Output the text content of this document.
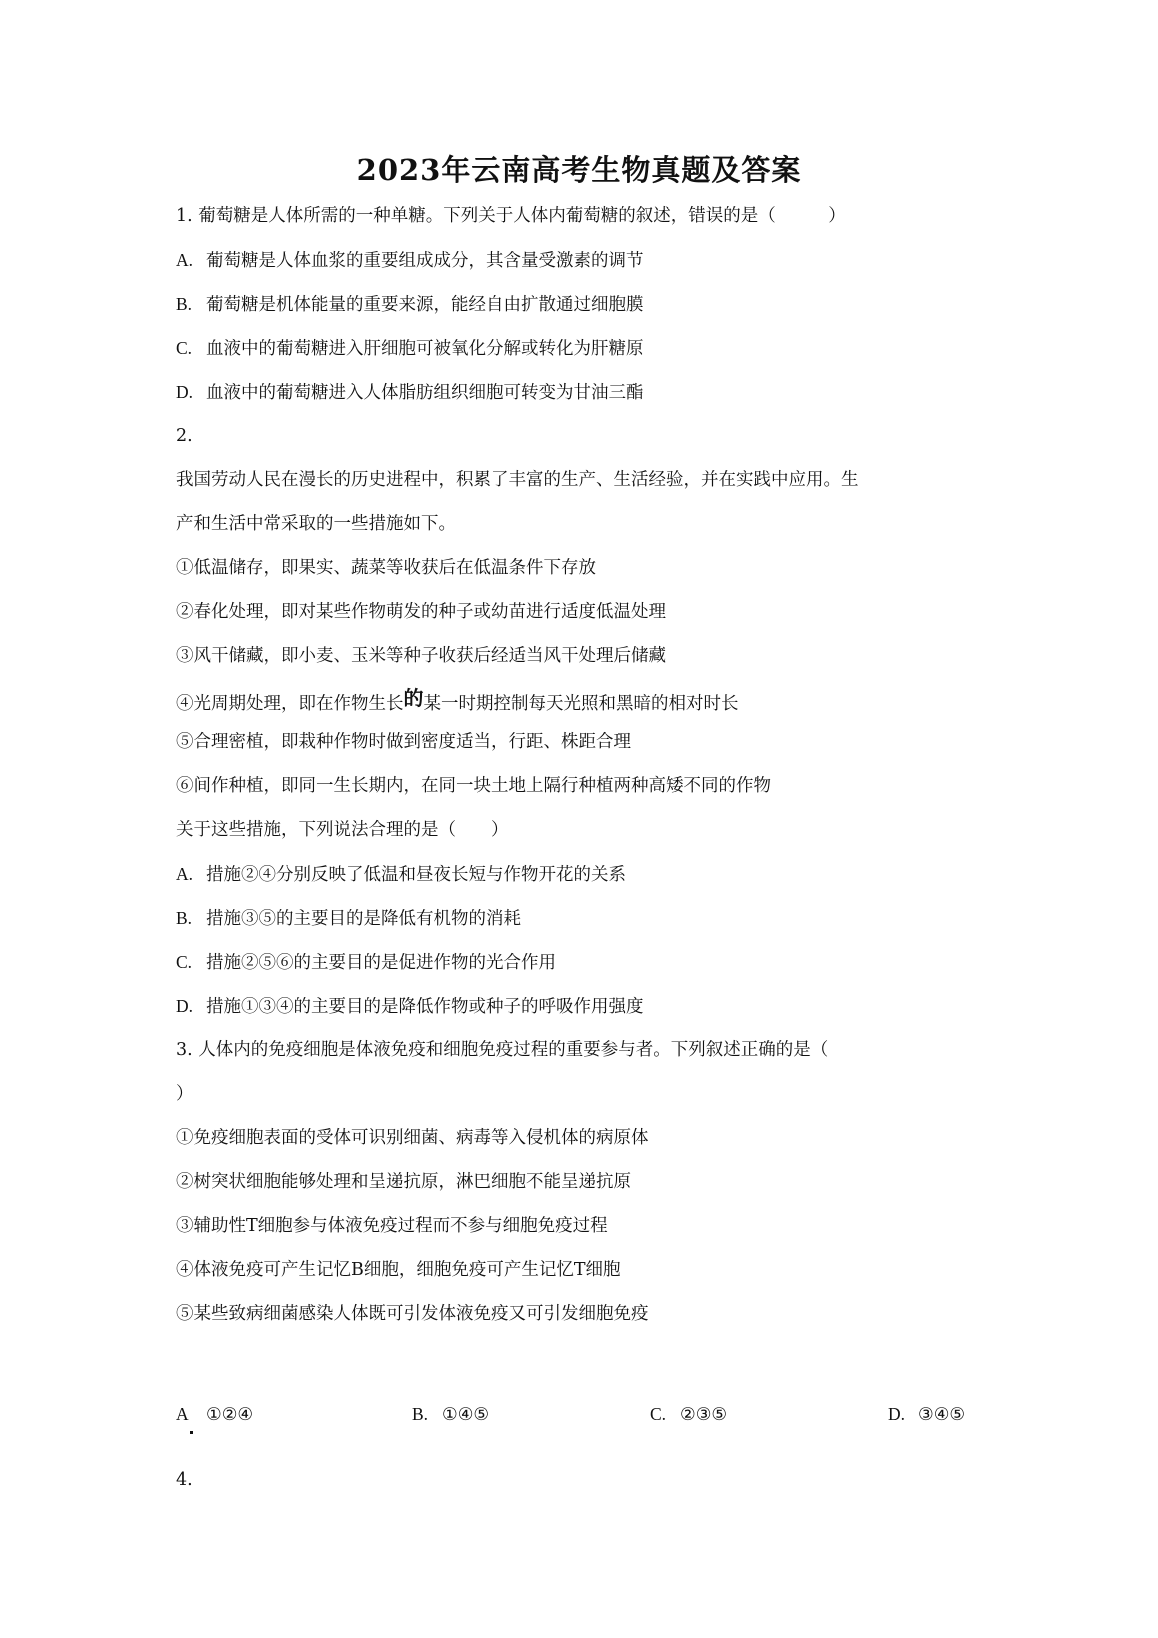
2023年云南高考生物真题及答案
1. 葡萄糖是人体所需的一种单糖。下列关于人体内葡萄糖的叙述，错误的是（　　　）
A. 葡萄糖是人体血浆的重要组成成分，其含量受激素的调节
B. 葡萄糖是机体能量的重要来源，能经自由扩散通过细胞膜
C. 血液中的葡萄糖进入肝细胞可被氧化分解或转化为肝糖原
D. 血液中的葡萄糖进入人体脂肪组织细胞可转变为甘油三酯
2.
我国劳动人民在漫长的历史进程中，积累了丰富的生产、生活经验，并在实践中应用。生
产和生活中常采取的一些措施如下。
①低温储存，即果实、蔬菜等收获后在低温条件下存放
②春化处理，即对某些作物萌发的种子或幼苗进行适度低温处理
③风干储藏，即小麦、玉米等种子收获后经适当风干处理后储藏
④光周期处理，即在作物生长的某一时期控制每天光照和黑暗的相对时长
⑤合理密植，即栽种作物时做到密度适当，行距、株距合理
⑥间作种植，即同一生长期内，在同一块土地上隔行种植两种高矮不同的作物
关于这些措施，下列说法合理的是（　　）
A. 措施②④分别反映了低温和昼夜长短与作物开花的关系
B. 措施③⑤的主要目的是降低有机物的消耗
C. 措施②⑤⑥的主要目的是促进作物的光合作用
D. 措施①③④的主要目的是降低作物或种子的呼吸作用强度
3. 人体内的免疫细胞是体液免疫和细胞免疫过程的重要参与者。下列叙述正确的是（
）
①免疫细胞表面的受体可识别细菌、病毒等入侵机体的病原体
②树突状细胞能够处理和呈递抗原，淋巴细胞不能呈递抗原
③辅助性T细胞参与体液免疫过程而不参与细胞免疫过程
④体液免疫可产生记忆B细胞，细胞免疫可产生记忆T细胞
⑤某些致病细菌感染人体既可引发体液免疫又可引发细胞免疫
A ①②④	B. ①④⑤	C. ②③⑤	D. ③④⑤
4.
